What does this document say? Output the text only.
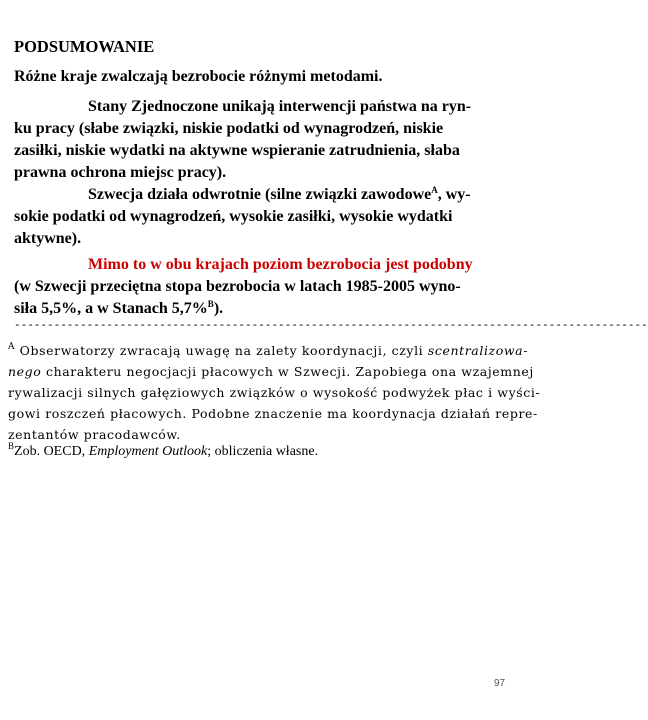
PODSUMOWANIE
Różne kraje zwalczają bezrobocie różnymi metodami.
Stany Zjednoczone unikają interwencji państwa na ryn-
ku pracy (słabe związki, niskie podatki od wynagrodzeń, niskie
zasiłki, niskie wydatki na aktywne wspieranie zatrudnienia, słaba
prawna ochrona miejsc pracy).
Szwecja działa odwrotnie (silne związki zawodowe$^A$, wy-
sokie podatki od wynagrodzeń, wysokie zasiłki, wysokie wydatki
aktywne).
Mimo to w obu krajach poziom bezrobocia jest podobny
(w Szwecji przeciętna stopa bezrobocia w latach 1985-2005 wyno-
siła 5,5%, a w Stanach 5,7%$^B$).
------------------------------------------------------------------------------------------------
$^A$ Obserwatorzy zwracają uwagę na zalety koordynacji, czyli scentralizowa-
nego charakteru negocjacji płacowych w Szwecji. Zapobiega ona wzajemnej
rywalizacji silnych gałęziowych związków o wysokość podwyżek płac i wyści-
gowi roszczeń płacowych. Podobne znaczenie ma koordynacja działań repre-
zentantów pracodawców.
$^B$Zob. OECD, Employment Outlook; obliczenia własne.
97
